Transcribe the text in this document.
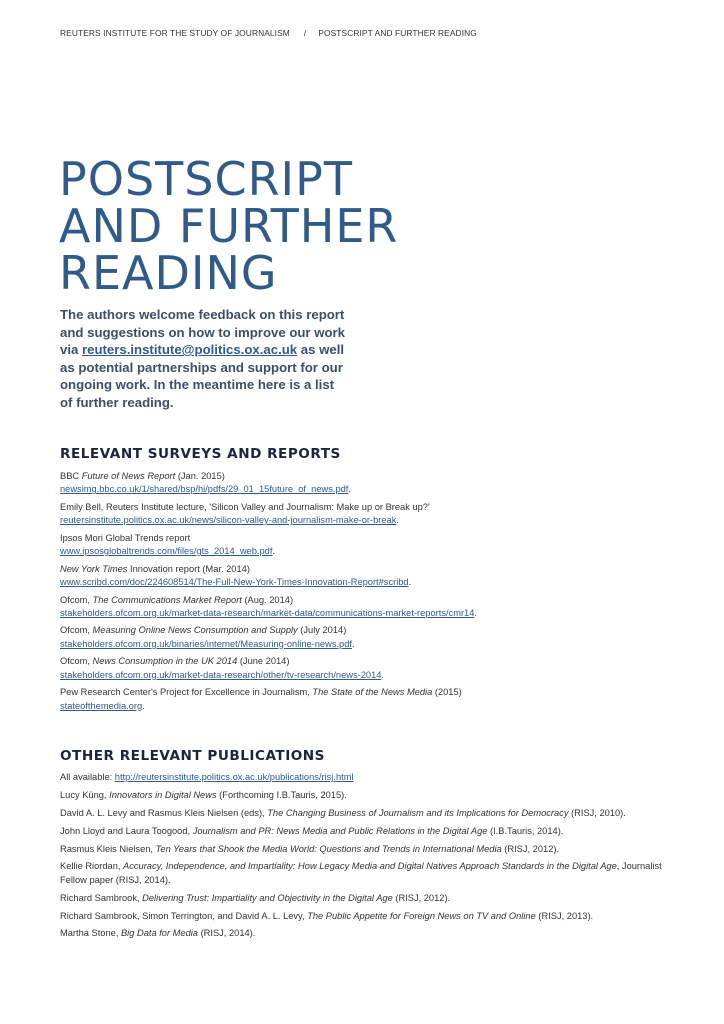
REUTERS INSTITUTE FOR THE STUDY OF JOURNALISM / POSTSCRIPT AND FURTHER READING
POSTSCRIPT
AND FURTHER
READING

The authors welcome feedback on this report and suggestions on how to improve our work via reuters.institute@politics.ox.ac.uk as well as potential partnerships and support for our ongoing work. In the meantime here is a list of further reading.

RELEVANT SURVEYS AND REPORTS
BBC Future of News Report (Jan. 2015)
newsimg.bbc.co.uk/1/shared/bsp/hi/pdfs/29_01_15future_of_news.pdf.
Emily Bell, Reuters Institute lecture, 'Silicon Valley and Journalism: Make up or Break up?'
reutersinstitute.politics.ox.ac.uk/news/silicon-valley-and-journalism-make-or-break.
Ipsos Mori Global Trends report
www.ipsosglobaltrends.com/files/gts_2014_web.pdf.
New York Times Innovation report (Mar. 2014)
www.scribd.com/doc/224608514/The-Full-New-York-Times-Innovation-Report#scribd.
Ofcom, The Communications Market Report (Aug. 2014)
stakeholders.ofcom.org.uk/market-data-research/market-data/communications-market-reports/cmr14.
Ofcom, Measuring Online News Consumption and Supply (July 2014)
stakeholders.ofcom.org.uk/binaries/internet/Measuring-online-news.pdf.
Ofcom, News Consumption in the UK 2014 (June 2014)
stakeholders.ofcom.org.uk/market-data-research/other/tv-research/news-2014.
Pew Research Center's Project for Excellence in Journalism, The State of the News Media (2015)
stateofthemedia.org.
OTHER RELEVANT PUBLICATIONS
All available: http://reutersinstitute.politics.ox.ac.uk/publications/risj.html
Lucy Küng, Innovators in Digital News (Forthcoming I.B.Tauris, 2015).
David A. L. Levy and Rasmus Kleis Nielsen (eds), The Changing Business of Journalism and its Implications for Democracy (RISJ, 2010).
John Lloyd and Laura Toogood, Journalism and PR: News Media and Public Relations in the Digital Age (I.B.Tauris, 2014).
Rasmus Kleis Nielsen, Ten Years that Shook the Media World: Questions and Trends in International Media (RISJ, 2012).
Kellie Riordan, Accuracy, Independence, and Impartiality: How Legacy Media and Digital Natives Approach Standards in the Digital Age, Journalist Fellow paper (RISJ, 2014).
Richard Sambrook, Delivering Trust: Impartiality and Objectivity in the Digital Age (RISJ, 2012).
Richard Sambrook, Simon Terrington, and David A. L. Levy, The Public Appetite for Foreign News on TV and Online (RISJ, 2013).
Martha Stone, Big Data for Media (RISJ, 2014).
